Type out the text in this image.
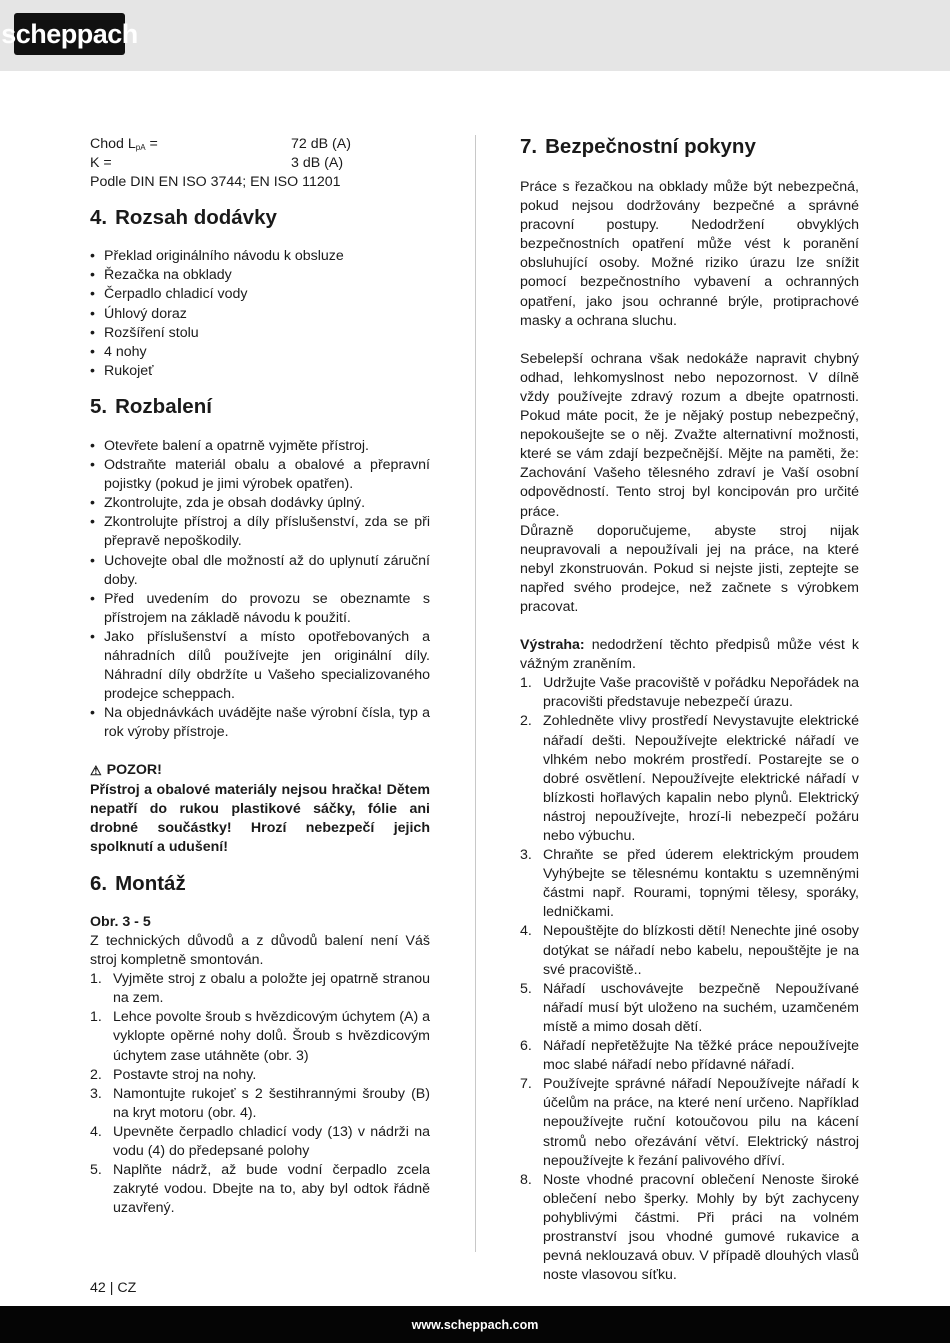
scheppach
Chod $L_{pA}$ =	72 dB (A)
K =	3 dB (A)
Podle DIN EN ISO 3744; EN ISO 11201
4. Rozsah dodávky
• Překlad originálního návodu k obsluze
• Řezačka na obklady
• Čerpadlo chladicí vody
• Úhlový doraz
• Rozšíření stolu
• 4 nohy
• Rukojeť
5. Rozbalení
• Otevřete balení a opatrně vyjměte přístroj.
• Odstraňte materiál obalu a obalové a přepravní pojistky (pokud je jimi výrobek opatřen).
• Zkontrolujte, zda je obsah dodávky úplný.
• Zkontrolujte přístroj a díly příslušenství, zda se při přepravě nepoškodily.
• Uchovejte obal dle možností až do uplynutí záruční doby.
• Před uvedením do provozu se obeznamte s přístrojem na základě návodu k použití.
• Jako příslušenství a místo opotřebovaných a náhradních dílů používejte jen originální díly. Náhradní díly obdržíte u Vašeho specializovaného prodejce scheppach.
• Na objednávkách uvádějte naše výrobní čísla, typ a rok výroby přístroje.
⚠ POZOR!

Přístroj a obalové materiály nejsou hračka! Dětem nepatří do rukou plastikové sáčky, fólie ani drobné součástky! Hrozí nebezpečí jejich spolknutí a udušení!

6. Montáž

Obr. 3 - 5

Z technických důvodů a z důvodů balení není Váš stroj kompletně smontován.

1. Vyjměte stroj z obalu a položte jej opatrně stranou na zem.
1. Lehce povolte šroub s hvězdicovým úchytem (A) a vyklopte opěrné nohy dolů. Šroub s hvězdicovým úchytem zase utáhněte (obr. 3)
2. Postavte stroj na nohy.
3. Namontujte rukojeť s 2 šestihrannými šrouby (B) na kryt motoru (obr. 4).
4. Upevněte čerpadlo chladicí vody (13) v nádrži na vodu (4) do předepsané polohy
5. Naplňte nádrž, až bude vodní čerpadlo zcela zakryté vodou. Dbejte na to, aby byl odtok řádně uzavřený.
7. Bezpečnostní pokyny

Práce s řezačkou na obklady může být nebezpečná, pokud nejsou dodržovány bezpečné a správné pracovní postupy. Nedodržení obvyklých bezpečnostních opatření může vést k poranění obsluhující osoby. Možné riziko úrazu lze snížit pomocí bezpečnostního vybavení a ochranných opatření, jako jsou ochranné brýle, protiprachové masky a ochrana sluchu.

Sebelepší ochrana však nedokáže napravit chybný odhad, lehkomyslnost nebo nepozornost. V dílně vždy používejte zdravý rozum a dbejte opatrnosti. Pokud máte pocit, že je nějaký postup nebezpečný, nepokoušejte se o něj. Zvažte alternativní možnosti, které se vám zdají bezpečnější. Mějte na paměti, že: Zachování Vašeho tělesného zdraví je Vaší osobní odpovědností. Tento stroj byl koncipován pro určité práce.

Důrazně doporučujeme, abyste stroj nijak neupravovali a nepoužívali jej na práce, na které nebyl zkonstruován. Pokud si nejste jisti, zeptejte se napřed svého prodejce, než začnete s výrobkem pracovat.

Výstraha: nedodržení těchto předpisů může vést k vážným zraněním.

1. Udržujte Vaše pracoviště v pořádku Nepořádek na pracovišti představuje nebezpečí úrazu.
2. Zohledněte vlivy prostředí Nevystavujte elektrické nářadí dešti. Nepoužívejte elektrické nářadí ve vlhkém nebo mokrém prostředí. Postarejte se o dobré osvětlení. Nepoužívejte elektrické nářadí v blízkosti hořlavých kapalin nebo plynů. Elektrický nástroj nepoužívejte, hrozí-li nebezpečí požáru nebo výbuchu.
3. Chraňte se před úderem elektrickým proudem Vyhýbejte se tělesnému kontaktu s uzemněnými částmi např. Rourami, topnými tělesy, sporáky, ledničkami.
4. Nepouštějte do blízkosti dětí! Nenechte jiné osoby dotýkat se nářadí nebo kabelu, nepouštějte je na své pracoviště..
5. Nářadí uschovávejte bezpečně Nepoužívané nářadí musí být uloženo na suchém, uzamčeném místě a mimo dosah dětí.
6. Nářadí nepřetěžujte Na těžké práce nepoužívejte moc slabé nářadí nebo přídavné nářadí.
7. Používejte správné nářadí Nepoužívejte nářadí k účelům na práce, na které není určeno. Například nepoužívejte ruční kotoučovou pilu na kácení stromů nebo ořezávání větví. Elektrický nástroj nepoužívejte k řezání palivového dříví.
8. Noste vhodné pracovní oblečení Nenoste široké oblečení nebo šperky. Mohly by být zachyceny pohyblivými částmi. Při práci na volném prostranství jsou vhodné gumové rukavice a pevná neklouzavá obuv. V případě dlouhých vlasů noste vlasovou síťku.
42 | CZ
www.scheppach.com
